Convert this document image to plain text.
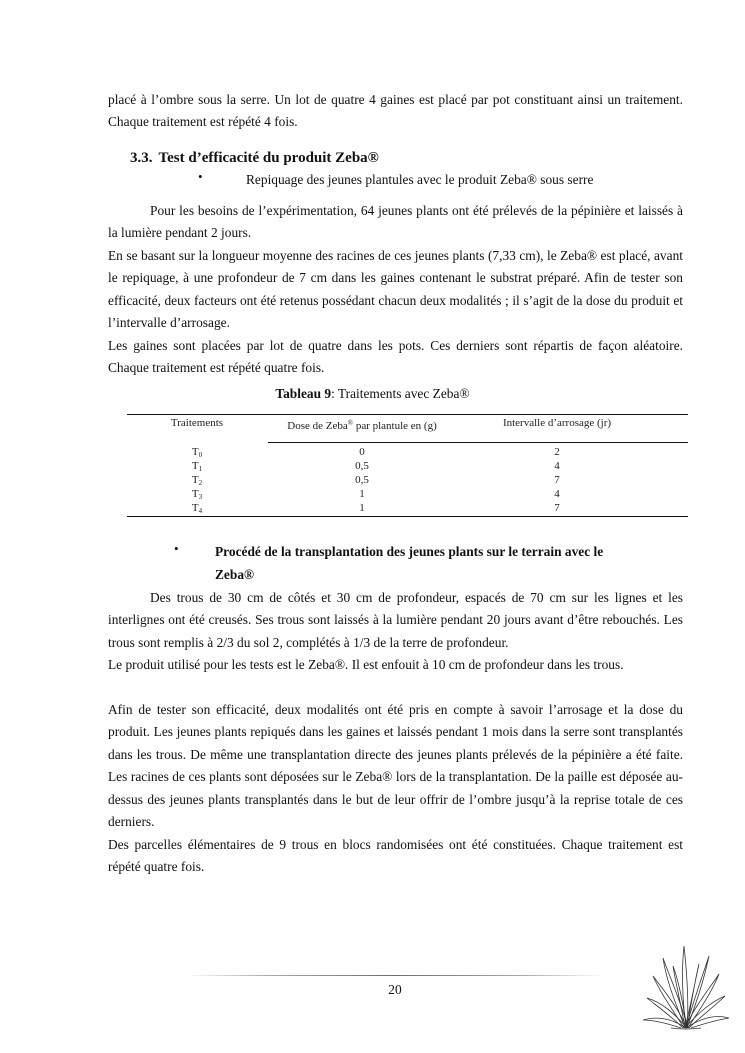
placé à l’ombre sous la serre. Un lot de quatre 4 gaines est placé par pot constituant ainsi un traitement. Chaque traitement est répété 4 fois.

3.3. Test d’efficacité du produit Zeba®
•	Repiquage des jeunes plantules avec le produit Zeba® sous serre

Pour les besoins de l’expérimentation, 64 jeunes plants ont été prélevés de la pépinière et laissés à la lumière pendant 2 jours.

En se basant sur la longueur moyenne des racines de ces jeunes plants (7,33 cm), le Zeba® est placé, avant le repiquage, à une profondeur de 7 cm dans les gaines contenant le substrat préparé. Afin de tester son efficacité, deux facteurs ont été retenus possédant chacun deux modalités ; il s’agit de la dose du produit et l’intervalle d’arrosage.

Les gaines sont placées par lot de quatre dans les pots. Ces derniers sont répartis de façon aléatoire. Chaque traitement est répété quatre fois.

Tableau 9: Traitements avec Zeba®
Traitements	Dose de Zeba® par plantule en (g)	Intervalle d’arrosage (jr)
$T_0$	0	2
$T_1$	0,5	4
$T_2$	0,5	7
$T_3$	1	4
$T_4$	1	7
•	Procédé de la transplantation des jeunes plants sur le terrain avec le
Zeba®

Des trous de 30 cm de côtés et 30 cm de profondeur, espacés de 70 cm sur les lignes et les interlignes ont été creusés. Ses trous sont laissés à la lumière pendant 20 jours avant d’être rebouchés. Les trous sont remplis à 2/3 du sol 2, complétés à 1/3 de la terre de profondeur.

Le produit utilisé pour les tests est le Zeba®. Il est enfouit à 10 cm de profondeur dans les trous.

Afin de tester son efficacité, deux modalités ont été pris en compte à savoir l’arrosage et la dose du produit. Les jeunes plants repiqués dans les gaines et laissés pendant 1 mois dans la serre sont transplantés dans les trous. De même une transplantation directe des jeunes plants prélevés de la pépinière a été faite. Les racines de ces plants sont déposées sur le Zeba® lors de la transplantation. De la paille est déposée au-dessus des jeunes plants transplantés dans le but de leur offrir de l’ombre jusqu’à la reprise totale de ces derniers.

Des parcelles élémentaires de 9 trous en blocs randomisées ont été constituées. Chaque traitement est répété quatre fois.

20
